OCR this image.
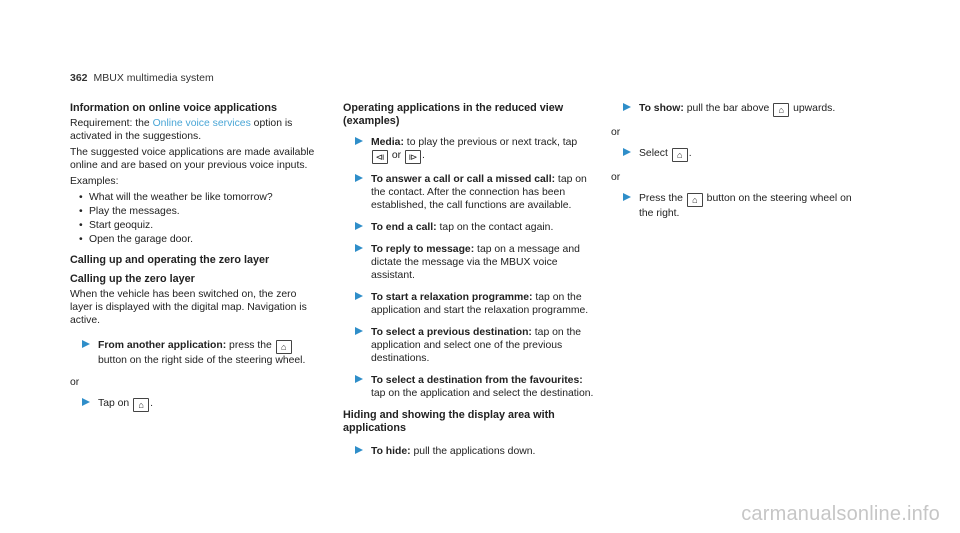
362 MBUX multimedia system
Information on online voice applications

Requirement: the Online voice services option is activated in the suggestions.

The suggested voice applications are made available online and are based on your previous voice inputs.

Examples:

• What will the weather be like tomorrow?
• Play the messages.
• Start geoquiz.
• Open the garage door.
Calling up and operating the zero layer
Calling up the zero layer

When the vehicle has been switched on, the zero layer is displayed with the digital map. Navigation is active.

From another application: press the ⌂ button on the right side of the steering wheel.

or

Tap on ⌂ .
Operating applications in the reduced view (examples)
Media: to play the previous or next track, tap ⧏ or ⧐ .
To answer a call or call a missed call: tap on the contact. After the connection has been established, the call functions are available.
To end a call: tap on the contact again.
To reply to message: tap on a message and dictate the message via the MBUX voice assistant.
To start a relaxation programme: tap on the application and start the relaxation programme.
To select a previous destination: tap on the application and select one of the previous destinations.
To select a destination from the favourites: tap on the application and select the destination.
Hiding and showing the display area with applications
To hide: pull the applications down.
To show: pull the bar above ⌂ upwards.

or

Select ⌂ .

or

Press the ⌂ button on the steering wheel on the right.
carmanualsonline.info
